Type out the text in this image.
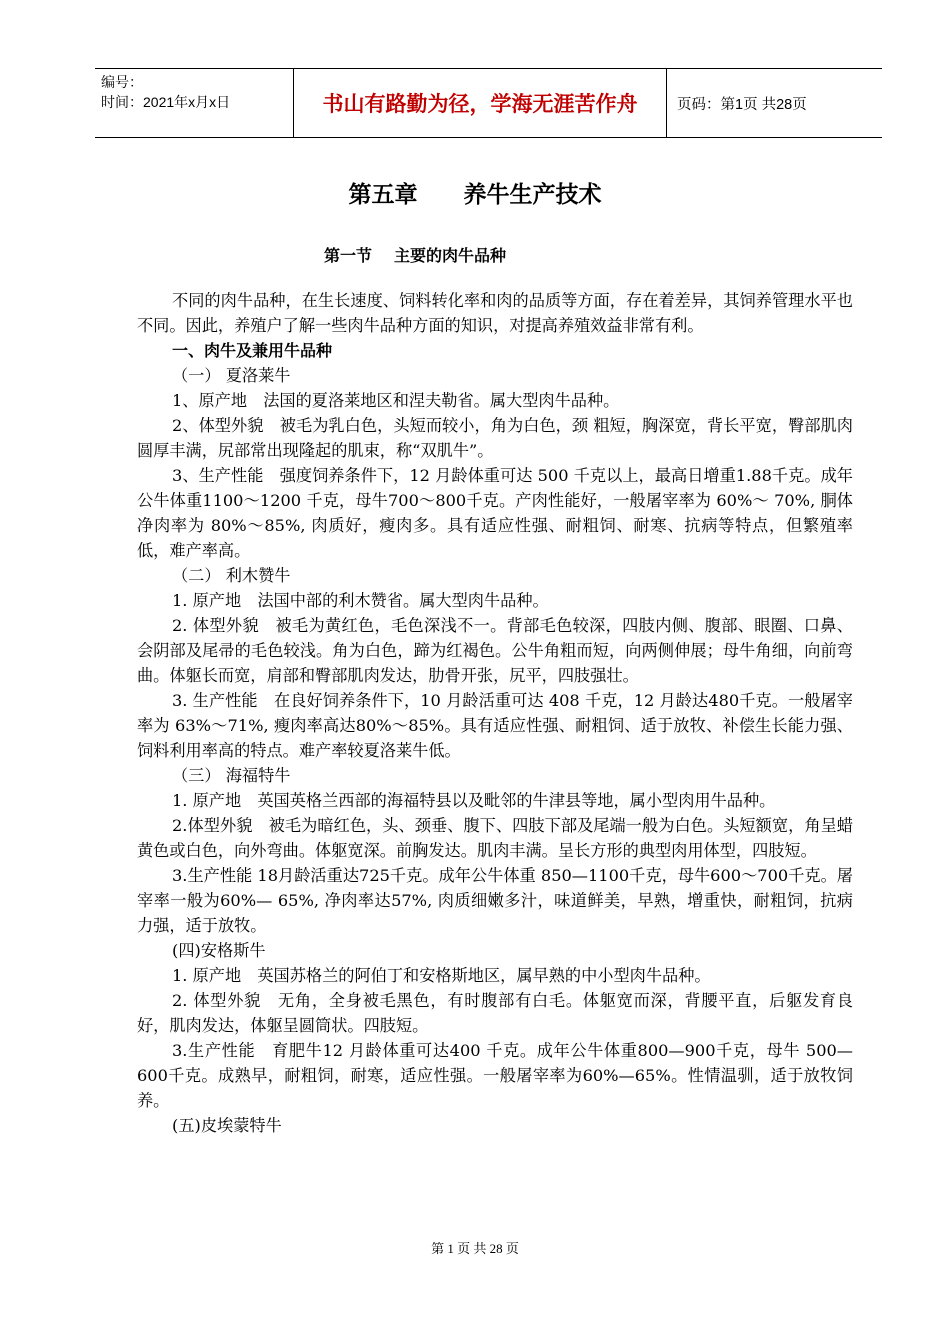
编号：
时间：2021年x月x日	书山有路勤为径，学海无涯苦作舟	页码：第1页 共28页
第五章 养牛生产技术
第一节 主要的肉牛品种

不同的肉牛品种，在生长速度、饲料转化率和肉的品质等方面，存在着差异，其饲养管理水平也不同。因此，养殖户了解一些肉牛品种方面的知识，对提高养殖效益非常有利。

一、肉牛及兼用牛品种

（一） 夏洛莱牛

1、原产地　法国的夏洛莱地区和涅夫勒省。属大型肉牛品种。

2、体型外貌　被毛为乳白色，头短而较小，角为白色，颈 粗短，胸深宽，背长平宽，臀部肌肉圆厚丰满，尻部常出现隆起的肌束，称“双肌牛”。

3、生产性能　强度饲养条件下，12 月龄体重可达 500 千克以上，最高日增重1.88千克。成年公牛体重1100～1200 千克，母牛700～800千克。产肉性能好，一般屠宰率为 60%～ 70%, 胴体净肉率为 80%～85%, 肉质好，瘦肉多。具有适应性强、耐粗饲、耐寒、抗病等特点，但繁殖率低，难产率高。

（二） 利木赞牛

1. 原产地　法国中部的利木赞省。属大型肉牛品种。

2. 体型外貌　被毛为黄红色，毛色深浅不一。背部毛色较深，四肢内侧、腹部、眼圈、口鼻、会阴部及尾帚的毛色较浅。角为白色，蹄为红褐色。公牛角粗而短，向两侧伸展；母牛角细，向前弯曲。体躯长而宽，肩部和臀部肌肉发达，肋骨开张，尻平，四肢强壮。

3. 生产性能　在良好饲养条件下，10 月龄活重可达 408 千克，12 月龄达480千克。一般屠宰率为 63%～71%, 瘦肉率高达80%～85%。具有适应性强、耐粗饲、适于放牧、补偿生长能力强、饲料利用率高的特点。难产率较夏洛莱牛低。

（三） 海福特牛

1. 原产地　英国英格兰西部的海福特县以及毗邻的牛津县等地，属小型肉用牛品种。

2.体型外貌　被毛为暗红色，头、颈垂、腹下、四肢下部及尾端一般为白色。头短额宽，角呈蜡黄色或白色，向外弯曲。体躯宽深。前胸发达。肌肉丰满。呈长方形的典型肉用体型，四肢短。

3.生产性能 18月龄活重达725千克。成年公牛体重 850—1100千克，母牛600～700千克。屠宰率一般为60%— 65%, 净肉率达57%, 肉质细嫩多汁，味道鲜美，早熟，增重快，耐粗饲，抗病力强，适于放牧。

(四)安格斯牛

1. 原产地　英国苏格兰的阿伯丁和安格斯地区，属早熟的中小型肉牛品种。

2. 体型外貌　无角，全身被毛黑色，有时腹部有白毛。体躯宽而深，背腰平直，后躯发育良好，肌肉发达，体躯呈圆筒状。四肢短。

3.生产性能　育肥牛12 月龄体重可达400 千克。成年公牛体重800—900千克，母牛 500—600千克。成熟早，耐粗饲，耐寒，适应性强。一般屠宰率为60%—65%。性情温驯，适于放牧饲养。

(五)皮埃蒙特牛

第 1 页 共 28 页
